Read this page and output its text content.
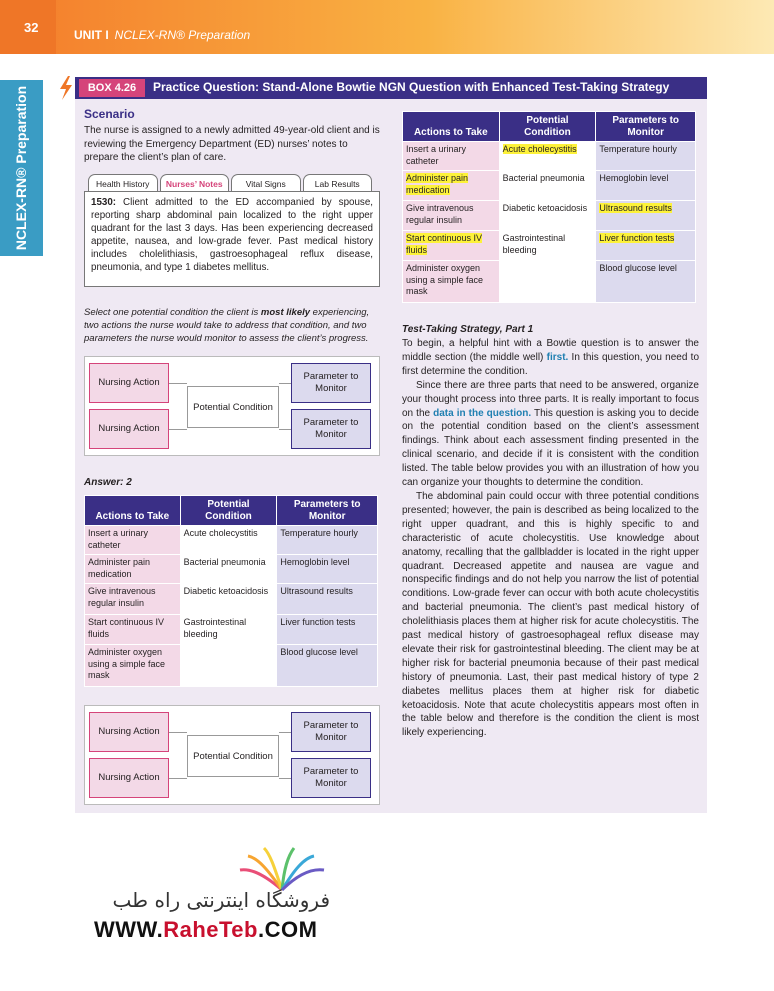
32
UNIT I NCLEX-RN® Preparation
NCLEX-RN® Preparation	BOX 4.26	Practice Question: Stand-Alone Bowtie NGN Question with Enhanced Test-Taking Strategy
Scenario
The nurse is assigned to a newly admitted 49-year-old client and is reviewing the Emergency Department (ED) nurses’ notes to prepare the client’s plan of care.
Health History	Nurses’ Notes	Vital Signs	Lab Results
1530: Client admitted to the ED accompanied by spouse, reporting sharp abdominal pain localized to the right upper quadrant for the last 3 days. Has been experiencing decreased appetite, nausea, and low-grade fever. Past medical history includes cholelithiasis, gastroesophageal reflux disease, pneumonia, and type 1 diabetes mellitus.
Select one potential condition the client is most likely experiencing, two actions the nurse would take to address that condition, and two parameters the nurse would monitor to assess the client’s progress.
Nursing Action
Nursing Action
Potential Condition
Parameter to Monitor
Parameter to Monitor
Answer: 2
Actions to Take	Potential Condition	Parameters to Monitor
Insert a urinary catheter	Acute cholecystitis	Temperature hourly
Administer pain medication	Bacterial pneumonia	Hemoglobin level
Give intravenous regular insulin	Diabetic ketoacidosis	Ultrasound results
Start continuous IV fluids	Gastrointestinal bleeding	Liver function tests
Administer oxygen using a simple face mask		Blood glucose level
Nursing Action
Nursing Action
Potential Condition
Parameter to Monitor
Parameter to Monitor
Actions to Take	Potential Condition	Parameters to Monitor
Insert a urinary catheter	Acute cholecystitis	Temperature hourly
Administer pain medication	Bacterial pneumonia	Hemoglobin level
Give intravenous regular insulin	Diabetic ketoacidosis	Ultrasound results
Start continuous IV fluids	Gastrointestinal bleeding	Liver function tests
Administer oxygen using a simple face mask		Blood glucose level
Test-Taking Strategy, Part 1

To begin, a helpful hint with a Bowtie question is to answer the middle section (the middle well) first. In this question, you need to first determine the condition.

Since there are three parts that need to be answered, organize your thought process into three parts. It is really important to focus on the data in the question. This question is asking you to decide on the potential condition based on the client’s assessment findings. Think about each assessment finding presented in the clinical scenario, and decide if it is consistent with the condition listed. The table below provides you with an illustration of how you can organize your thoughts to determine the condition.

The abdominal pain could occur with three potential conditions presented; however, the pain is described as being localized to the right upper quadrant, and this is highly specific to and characteristic of acute cholecystitis. Use knowledge about anatomy, recalling that the gallbladder is located in the right upper quadrant. Decreased appetite and nausea are vague and nonspecific findings and do not help you narrow the list of potential conditions. Low-grade fever can occur with both acute cholecystitis and bacterial pneumonia. The client’s past medical history of cholelithiasis places them at higher risk for acute cholecystitis. The past medical history of gastroesophageal reflux disease may elevate their risk for gastrointestinal bleeding. The client may be at higher risk for bacterial pneumonia because of their past medical history of pneumonia. Last, their past medical history of type 2 diabetes mellitus places them at higher risk for diabetic ketoacidosis. Note that acute cholecystitis appears most often in the table below and therefore is the condition the client is most likely experiencing.

فروشگاه اینترنتی راه طب
WWW.RaheTeb.COM
